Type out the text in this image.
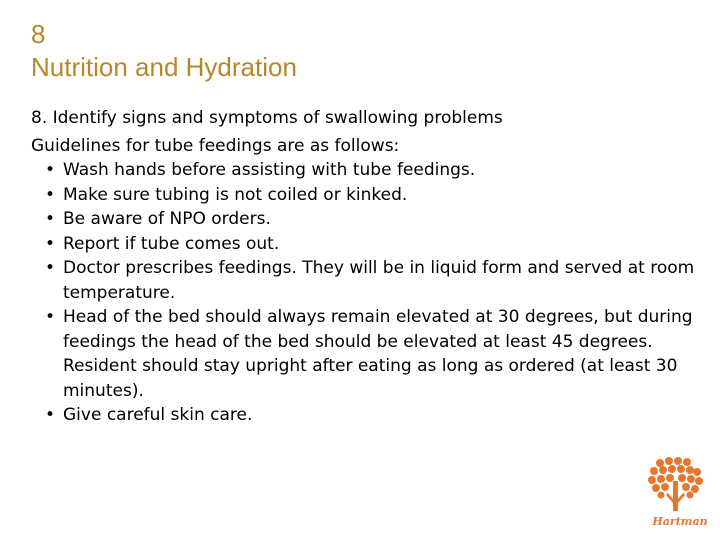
8
Nutrition and Hydration
8. Identify signs and symptoms of swallowing problems
Guidelines for tube feedings are as follows:
• Wash hands before assisting with tube feedings.
• Make sure tubing is not coiled or kinked.
• Be aware of NPO orders.
• Report if tube comes out.
• Doctor prescribes feedings. They will be in liquid form and served at room temperature.
• Head of the bed should always remain elevated at 30 degrees, but during feedings the head of the bed should be elevated at least 45 degrees. Resident should stay upright after eating as long as ordered (at least 30 minutes).
• Give careful skin care.
Hartman
